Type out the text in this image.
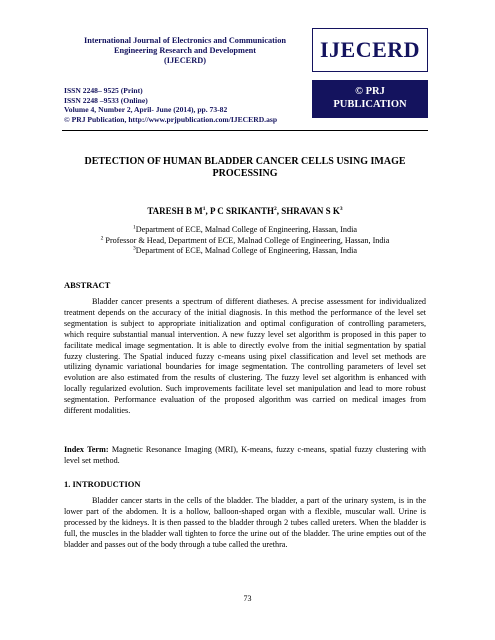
International Journal of Electronics and Communication
Engineering Research and Development
(IJECERD)	IJECERD
ISSN 2248– 9525 (Print)
ISSN 2248 –9533 (Online)
Volume 4, Number 2, April- June (2014), pp. 73-82
© PRJ Publication, http://www.prjpublication.com/IJECERD.asp
© PRJ
PUBLICATION
DETECTION OF HUMAN BLADDER CANCER CELLS USING IMAGE PROCESSING
TARESH B $M^1$, P C SRIKANTH$^2$, SHRAVAN S $K^3$
$^1$Department of ECE, Malnad College of Engineering, Hassan, India
$^2$ Professor & Head, Department of ECE, Malnad College of Engineering, Hassan, India
$^3$Department of ECE, Malnad College of Engineering, Hassan, India
ABSTRACT
Bladder cancer presents a spectrum of different diatheses. A precise assessment for individualized treatment depends on the accuracy of the initial diagnosis. In this method the performance of the level set segmentation is subject to appropriate initialization and optimal configuration of controlling parameters, which require substantial manual intervention. A new fuzzy level set algorithm is proposed in this paper to facilitate medical image segmentation. It is able to directly evolve from the initial segmentation by spatial fuzzy clustering. The Spatial induced fuzzy c-means using pixel classification and level set methods are utilizing dynamic variational boundaries for image segmentation. The controlling parameters of level set evolution are also estimated from the results of clustering. The fuzzy level set algorithm is enhanced with locally regularized evolution. Such improvements facilitate level set manipulation and lead to more robust segmentation. Performance evaluation of the proposed algorithm was carried on medical images from different modalities.
Index Term: Magnetic Resonance Imaging (MRI), K-means, fuzzy c-means, spatial fuzzy clustering with level set method.
1. INTRODUCTION
Bladder cancer starts in the cells of the bladder. The bladder, a part of the urinary system, is in the lower part of the abdomen. It is a hollow, balloon-shaped organ with a flexible, muscular wall. Urine is processed by the kidneys. It is then passed to the bladder through 2 tubes called ureters. When the bladder is full, the muscles in the bladder wall tighten to force the urine out of the bladder. The urine empties out of the bladder and passes out of the body through a tube called the urethra.
73
